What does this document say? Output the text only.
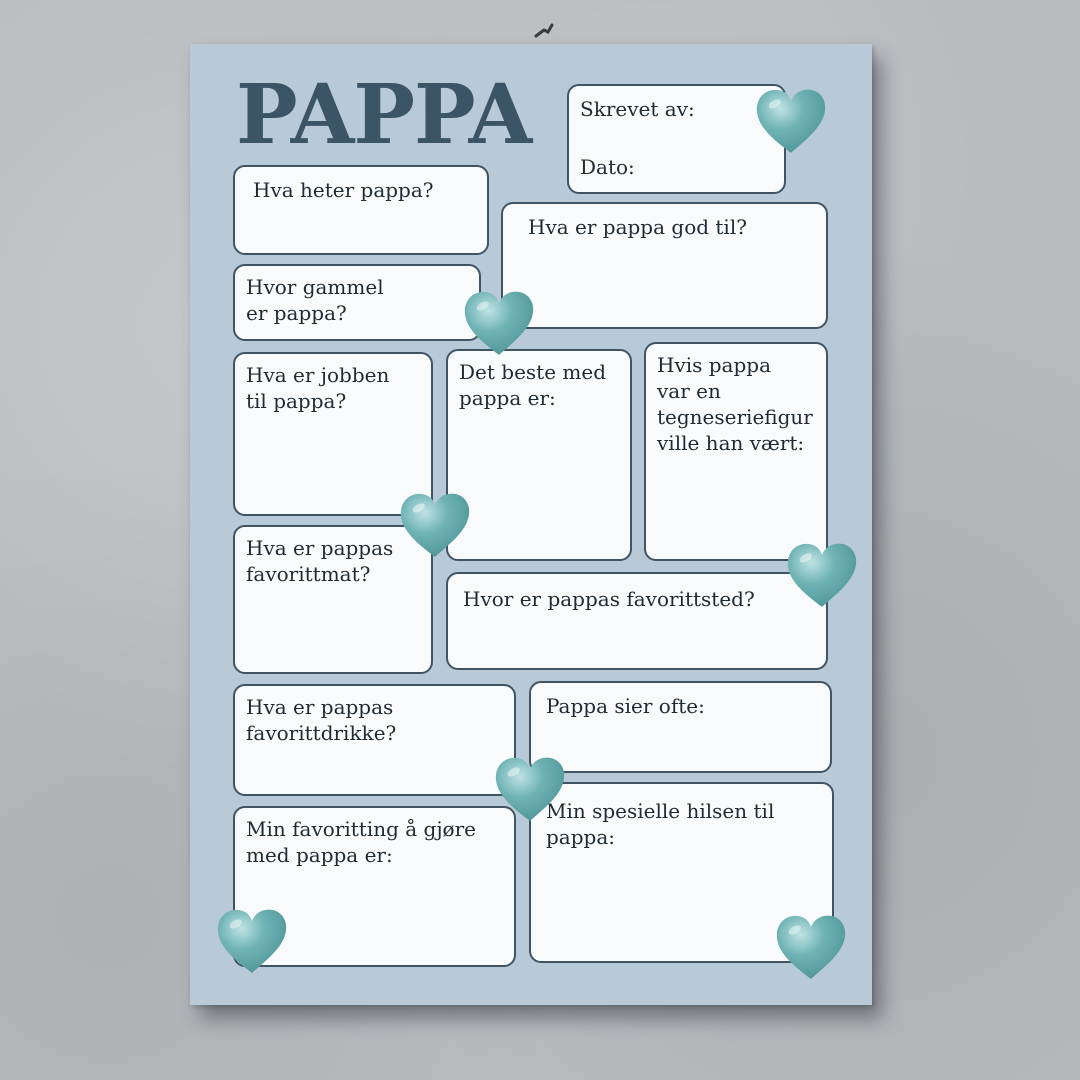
PAPPA Skrevet av:
Dato:
Hva heter pappa?
Hva er pappa god til?
Hvor gammel
er pappa?
Hva er jobben
til pappa?
Det beste med
pappa er:
Hvis pappa
var en
tegneseriefigur
ville han vært:
Hva er pappas
favorittmat?
Hvor er pappas favorittsted?
Hva er pappas
favorittdrikke?
Pappa sier ofte:
Min favoritting å gjøre
med pappa er:
Min spesielle hilsen til
pappa:
